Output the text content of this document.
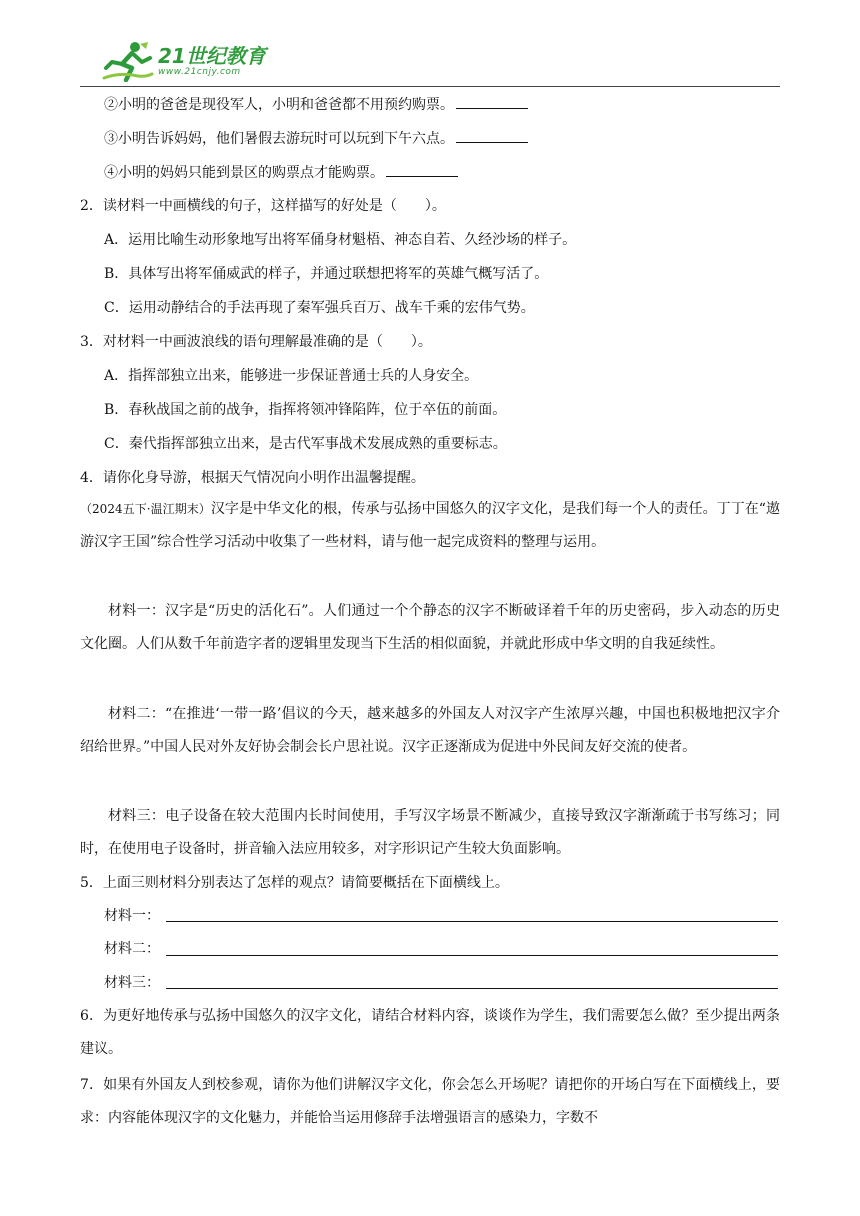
21世纪教育
www.21cnjy.com
②小明的爸爸是现役军人，小明和爸爸都不用预约购票。
③小明告诉妈妈，他们暑假去游玩时可以玩到下午六点。
④小明的妈妈只能到景区的购票点才能购票。
2．读材料一中画横线的句子，这样描写的好处是（　　）。
A．运用比喻生动形象地写出将军俑身材魁梧、神态自若、久经沙场的样子。
B．具体写出将军俑威武的样子，并通过联想把将军的英雄气概写活了。
C．运用动静结合的手法再现了秦军强兵百万、战车千乘的宏伟气势。
3．对材料一中画波浪线的语句理解最准确的是（　　）。
A．指挥部独立出来，能够进一步保证普通士兵的人身安全。
B．春秋战国之前的战争，指挥将领冲锋陷阵，位于卒伍的前面。
C．秦代指挥部独立出来，是古代军事战术发展成熟的重要标志。
4．请你化身导游，根据天气情况向小明作出温馨提醒。
（2024五下·温江期末）汉字是中华文化的根，传承与弘扬中国悠久的汉字文化，是我们每一个人的责任。丁丁在“遨游汉字王国”综合性学习活动中收集了一些材料，请与他一起完成资料的整理与运用。
材料一：汉字是“历史的活化石”。人们通过一个个静态的汉字不断破译着千年的历史密码，步入动态的历史文化圈。人们从数千年前造字者的逻辑里发现当下生活的相似面貌，并就此形成中华文明的自我延续性。
材料二：“在推进‘一带一路’倡议的今天，越来越多的外国友人对汉字产生浓厚兴趣，中国也积极地把汉字介绍给世界。”中国人民对外友好协会制会长户思社说。汉字正逐渐成为促进中外民间友好交流的使者。
材料三：电子设备在较大范围内长时间使用，手写汉字场景不断减少，直接导致汉字渐渐疏于书写练习；同时，在使用电子设备时，拼音输入法应用较多，对字形识记产生较大负面影响。
5．上面三则材料分别表达了怎样的观点？请简要概括在下面横线上。
材料一：
材料二：
材料三：
6．为更好地传承与弘扬中国悠久的汉字文化，请结合材料内容，谈谈作为学生，我们需要怎么做？至少提出两条建议。
7．如果有外国友人到校参观，请你为他们讲解汉字文化，你会怎么开场呢？请把你的开场白写在下面横线上，要求：内容能体现汉字的文化魅力，并能恰当运用修辞手法增强语言的感染力，字数不
